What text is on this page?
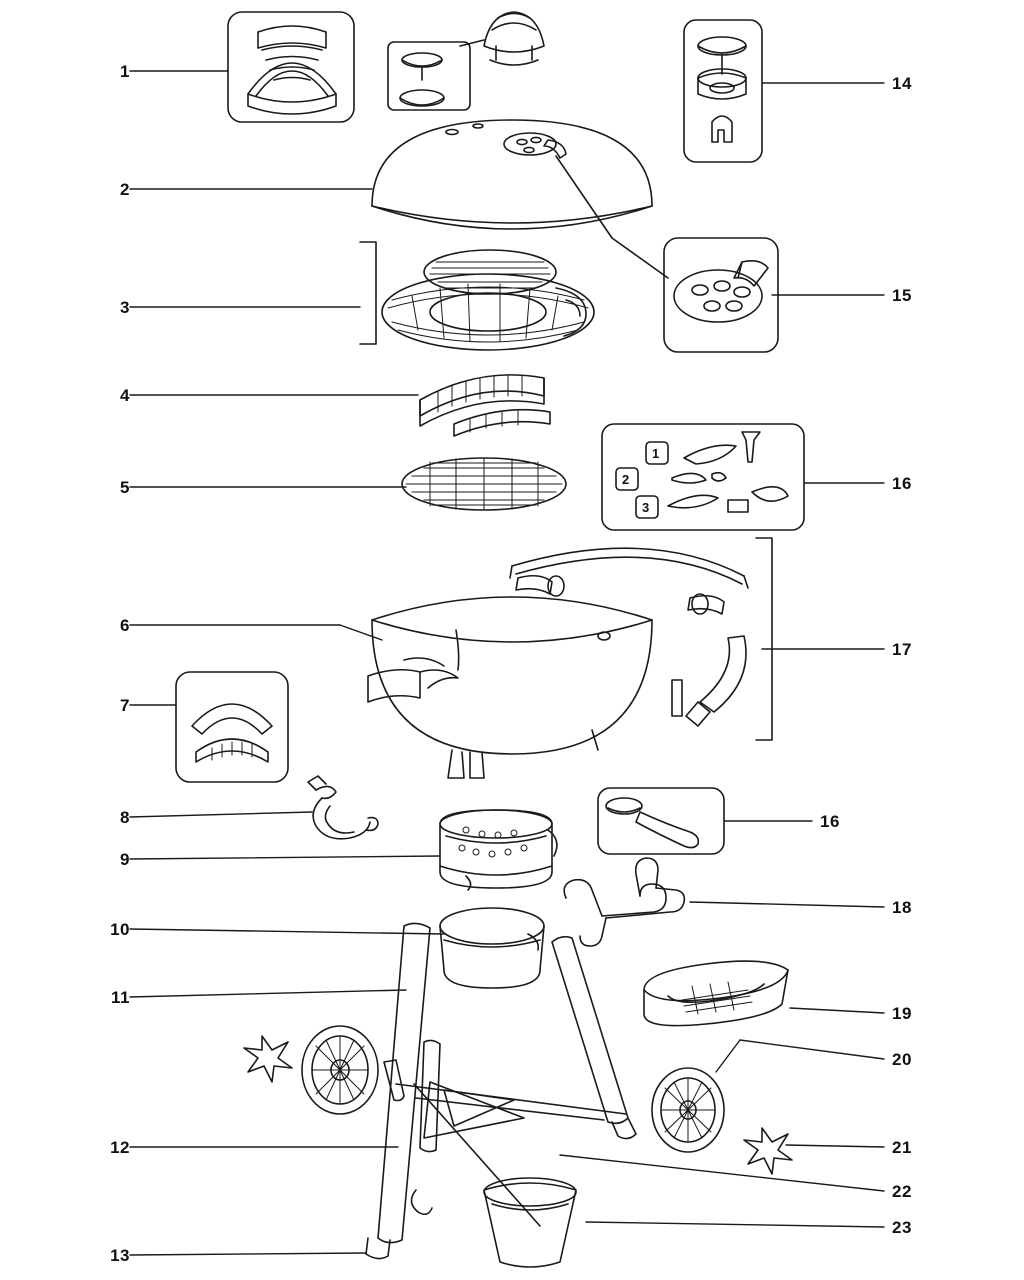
1
2
3
4
5
6
7
8
9
10
11
12
13
14
15
16
17
16
18
19
20
21
22
23
1
2
3
